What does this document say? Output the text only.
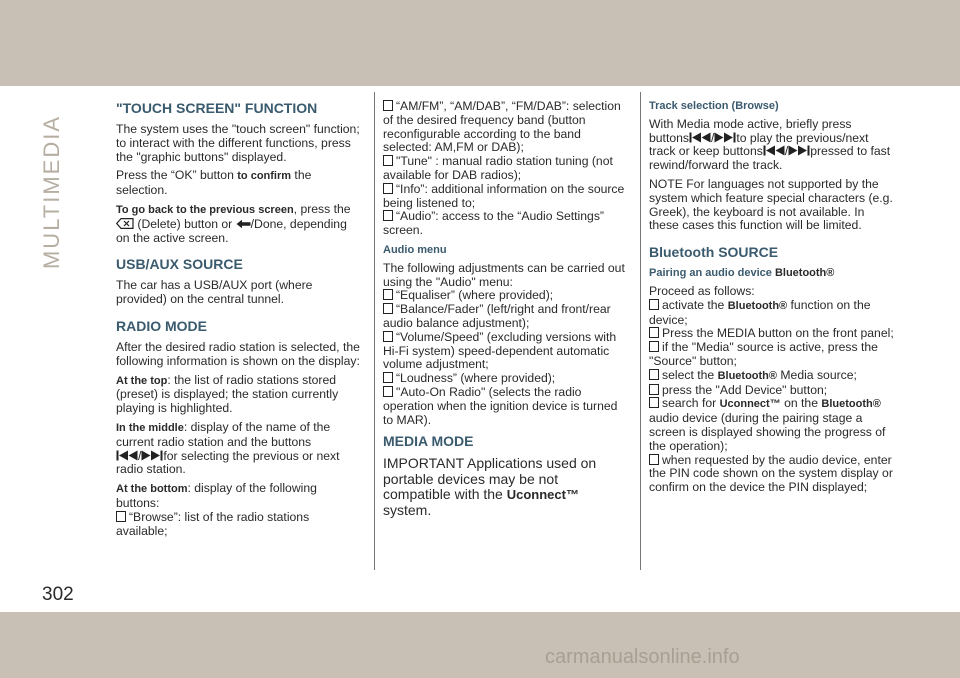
MULTIMEDIA
302
carmanualsonline.info
"TOUCH SCREEN" FUNCTION

The system uses the "touch screen" function; to interact with the different functions, press the "graphic buttons" displayed.

Press the “OK” button to confirm the selection.

To go back to the previous screen, press the  (Delete) button or /Done, depending on the active screen.

USB/AUX SOURCE

The car has a USB/AUX port (where provided) on the central tunnel.

RADIO MODE

After the desired radio station is selected, the following information is shown on the display:

At the top: the list of radio stations stored (preset) is displayed; the station currently playing is highlighted.

In the middle: display of the name of the current radio station and the buttons
/ for selecting the previous or next radio station.

At the bottom: display of the following buttons:
“Browse”: list of the radio stations available;

“AM/FM”, “AM/DAB”, “FM/DAB”: selection of the desired frequency band (button reconfigurable according to the band selected: AM,FM or DAB);
"Tune" : manual radio station tuning (not available for DAB radios);
“Info”: additional information on the source being listened to;
“Audio”: access to the “Audio Settings” screen.
Audio menu

The following adjustments can be carried out using the "Audio" menu:

“Equaliser” (where provided);
“Balance/Fader” (left/right and front/rear audio balance adjustment);
“Volume/Speed” (excluding versions with Hi-Fi system) speed-dependent automatic volume adjustment;
“Loudness” (where provided);
"Auto-On Radio" (selects the radio operation when the ignition device is turned to MAR).
MEDIA MODE

IMPORTANT Applications used on portable devices may be not compatible with the Uconnect™ system.

Track selection (Browse)

With Media mode active, briefly press buttons / to play the previous/next track or keep buttons / pressed to fast rewind/forward the track.

NOTE For languages not supported by the system which feature special characters (e.g. Greek), the keyboard is not available. In these cases this function will be limited.

Bluetooth SOURCE
Pairing an audio device Bluetooth®

Proceed as follows:

activate the Bluetooth® function on the device;
Press the MEDIA button on the front panel;
if the "Media" source is active, press the "Source" button;
select the Bluetooth® Media source;
press the "Add Device" button;
search for Uconnect™ on the Bluetooth® audio device (during the pairing stage a screen is displayed showing the progress of the operation);
when requested by the audio device, enter the PIN code shown on the system display or confirm on the device the PIN displayed;
